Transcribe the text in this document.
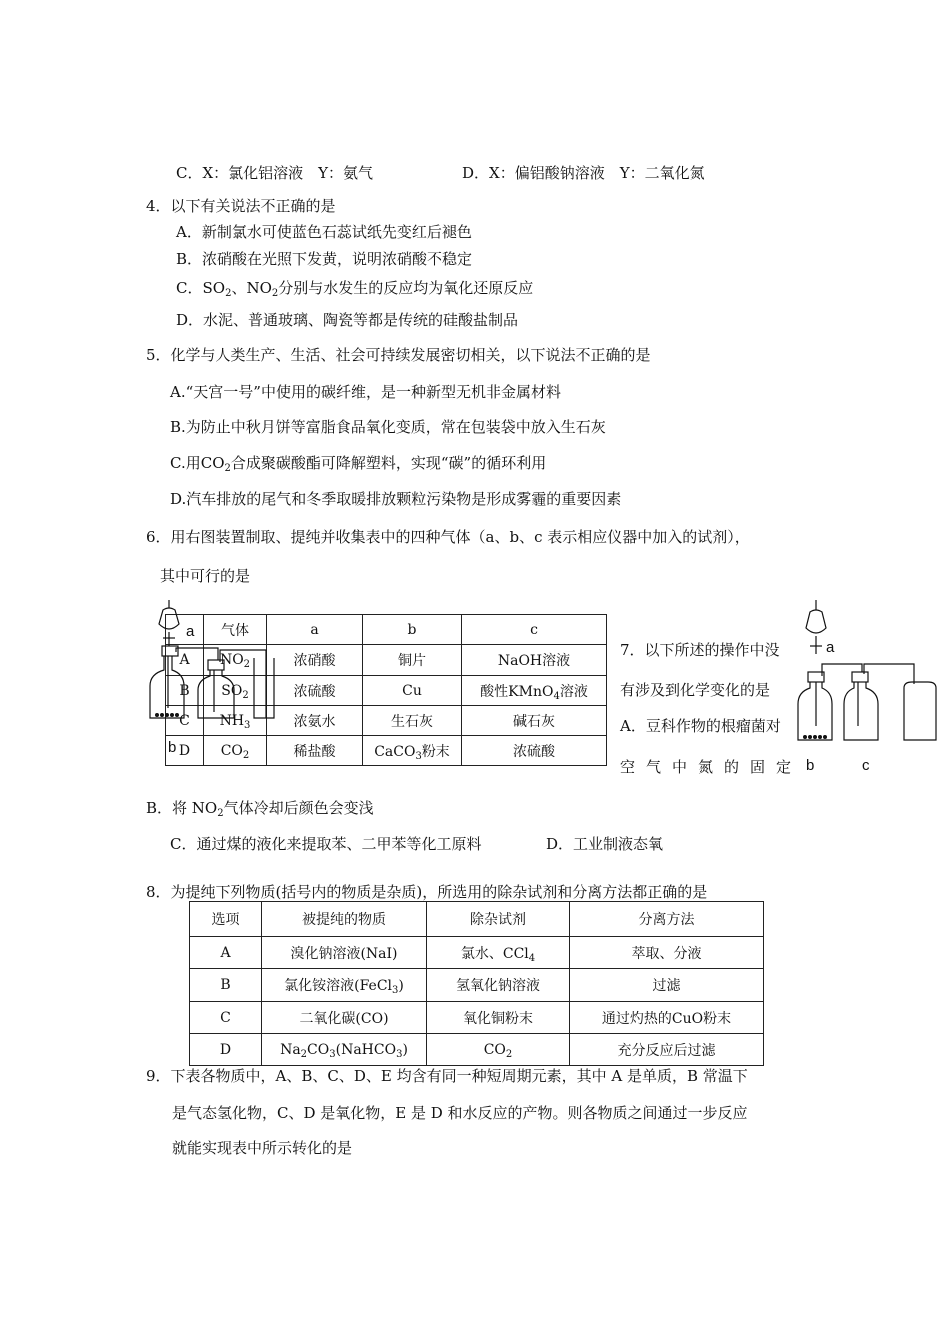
C．X：氯化铝溶液　Y：氨气	D．X：偏铝酸钠溶液　Y：二氧化氮
4．以下有关说法不正确的是
A．新制氯水可使蓝色石蕊试纸先变红后褪色
B．浓硝酸在光照下发黄，说明浓硝酸不稳定
C．$SO_2$、$NO_2$分别与水发生的反应均为氧化还原反应
D．水泥、普通玻璃、陶瓷等都是传统的硅酸盐制品
5．化学与人类生产、生活、社会可持续发展密切相关，以下说法不正确的是
A.“天宫一号”中使用的碳纤维，是一种新型无机非金属材料
B.为防止中秋月饼等富脂食品氧化变质，常在包装袋中放入生石灰
C.用$CO_2$合成聚碳酸酯可降解塑料，实现“碳”的循环利用
D.汽车排放的尾气和冬季取暖排放颗粒污染物是形成雾霾的重要因素
6．用右图装置制取、提纯并收集表中的四种气体（a、b、c 表示相应仪器中加入的试剂），
其中可行的是
	气体	a	b	c
A	$NO_2$	浓硝酸	铜片	NaOH溶液
B	$SO_2$	浓硫酸	Cu	酸性KMnO$_4$溶液
C	$NH_3$	浓氨水	生石灰	碱石灰
D	$CO_2$	稀盐酸	CaCO$_3$粉末	浓硫酸
a
b
7．以下所述的操作中没
有涉及到化学变化的是
A．豆科作物的根瘤菌对
空气中氮的固定
a
b	c
B．将 $NO_2$气体冷却后颜色会变浅
C．通过煤的液化来提取苯、二甲苯等化工原料	D．工业制液态氧
8．为提纯下列物质(括号内的物质是杂质)，所选用的除杂试剂和分离方法都正确的是
选项	被提纯的物质	除杂试剂	分离方法
A	溴化钠溶液(NaI)	氯水、CCl$_4$	萃取、分液
B	氯化铵溶液(FeCl$_3$)	氢氧化钠溶液	过滤
C	二氧化碳(CO)	氧化铜粉末	通过灼热的CuO粉末
D	$Na_2CO_3(NaHCO_3)$	$CO_2$	充分反应后过滤
9．下表各物质中，A、B、C、D、E 均含有同一种短周期元素，其中 A 是单质，B 常温下
是气态氢化物，C、D 是氧化物，E 是 D 和水反应的产物。则各物质之间通过一步反应
就能实现表中所示转化的是
